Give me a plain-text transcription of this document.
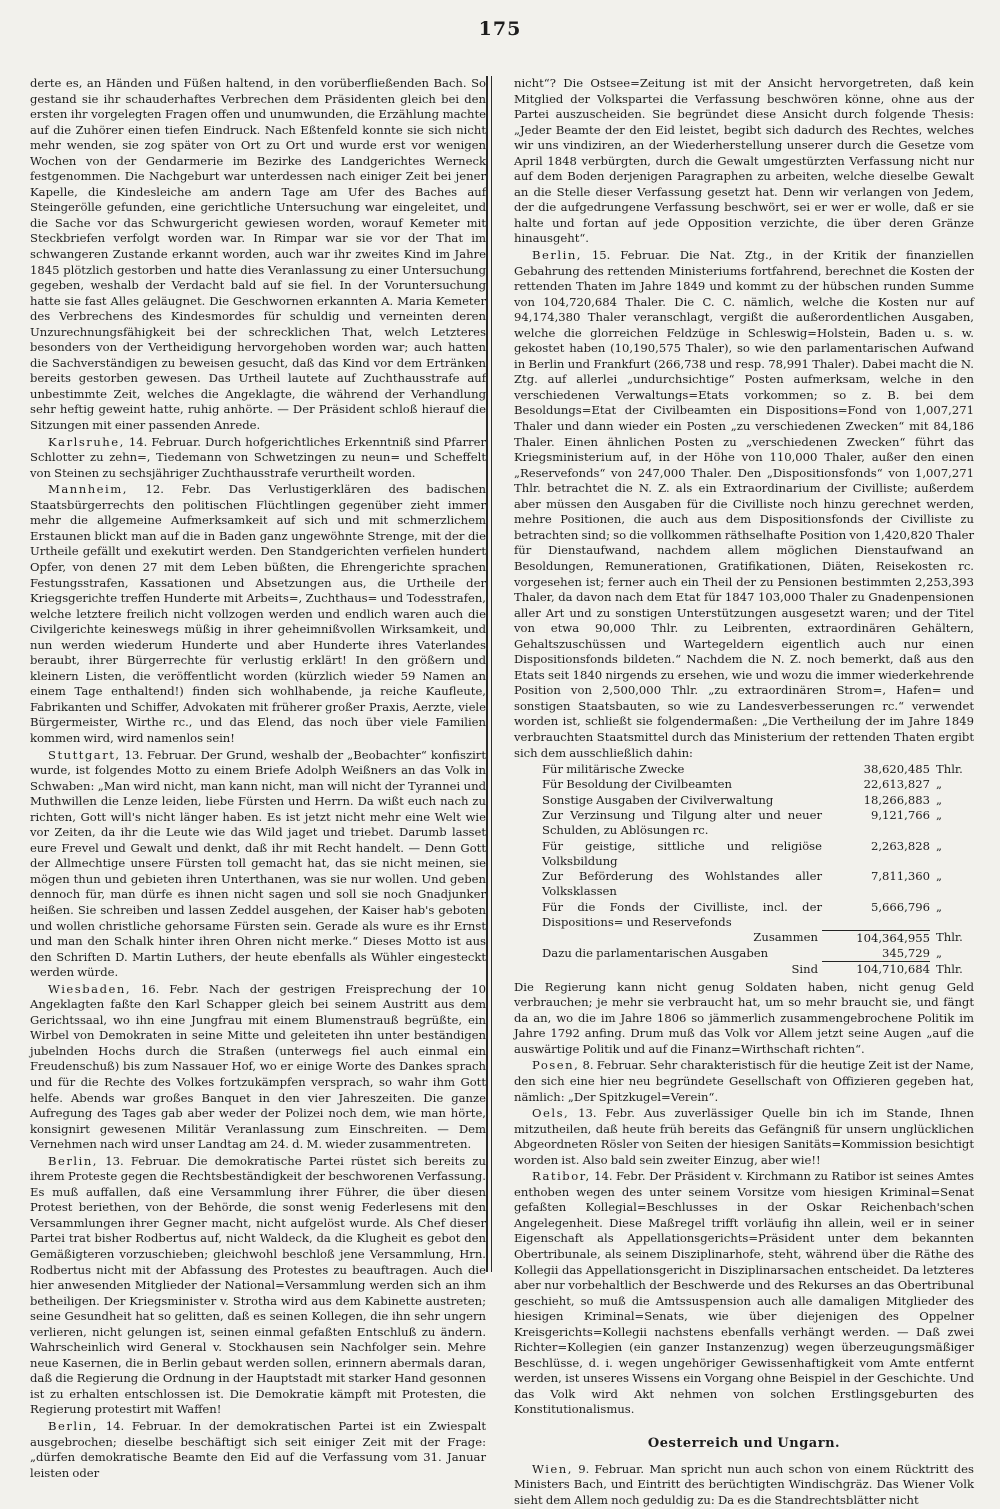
175

derte es, an Händen und Füßen haltend, in den vorüberfließenden Bach. So gestand sie ihr schauderhaftes Verbrechen dem Präsidenten gleich bei den ersten ihr vorgelegten Fragen offen und unumwunden, die Erzählung machte auf die Zuhörer einen tiefen Eindruck. Nach Eßtenfeld konnte sie sich nicht mehr wenden, sie zog später von Ort zu Ort und wurde erst vor wenigen Wochen von der Gendarmerie im Bezirke des Landgerichtes Werneck festgenommen. Die Nachgeburt war unterdessen nach einiger Zeit bei jener Kapelle, die Kindesleiche am andern Tage am Ufer des Baches auf Steingerölle gefunden, eine gerichtliche Untersuchung war eingeleitet, und die Sache vor das Schwurgericht gewiesen worden, worauf Kemeter mit Steckbriefen verfolgt worden war. In Rimpar war sie vor der That im schwangeren Zustande erkannt worden, auch war ihr zweites Kind im Jahre 1845 plötzlich gestorben und hatte dies Veranlassung zu einer Untersuchung gegeben, weshalb der Verdacht bald auf sie fiel. In der Voruntersuchung hatte sie fast Alles geläugnet. Die Geschwornen erkannten A. Maria Kemeter des Verbrechens des Kindesmordes für schuldig und verneinten deren Unzurechnungsfähigkeit bei der schrecklichen That, welch Letzteres besonders von der Vertheidigung hervorgehoben worden war; auch hatten die Sachverständigen zu beweisen gesucht, daß das Kind vor dem Ertränken bereits gestorben gewesen. Das Urtheil lautete auf Zuchthausstrafe auf unbestimmte Zeit, welches die Angeklagte, die während der Verhandlung sehr heftig geweint hatte, ruhig anhörte. — Der Präsident schloß hierauf die Sitzungen mit einer passenden Anrede.

Karlsruhe, 14. Februar. Durch hofgerichtliches Erkenntniß sind Pfarrer Schlotter zu zehn=, Tiedemann von Schwetzingen zu neun= und Scheffelt von Steinen zu sechsjähriger Zuchthausstrafe verurtheilt worden.

Mannheim, 12. Febr. Das Verlustigerklären des badischen Staatsbürgerrechts den politischen Flüchtlingen gegenüber zieht immer mehr die allgemeine Aufmerksamkeit auf sich und mit schmerzlichem Erstaunen blickt man auf die in Baden ganz ungewöhnte Strenge, mit der die Urtheile gefällt und exekutirt werden. Den Standgerichten verfielen hundert Opfer, von denen 27 mit dem Leben büßten, die Ehrengerichte sprachen Festungsstrafen, Kassationen und Absetzungen aus, die Urtheile der Kriegsgerichte treffen Hunderte mit Arbeits=, Zuchthaus= und Todesstrafen, welche letztere freilich nicht vollzogen werden und endlich waren auch die Civilgerichte keineswegs müßig in ihrer geheimnißvollen Wirksamkeit, und nun werden wiederum Hunderte und aber Hunderte ihres Vaterlandes beraubt, ihrer Bürgerrechte für verlustig erklärt! In den größern und kleinern Listen, die veröffentlicht worden (kürzlich wieder 59 Namen an einem Tage enthaltend!) finden sich wohlhabende, ja reiche Kaufleute, Fabrikanten und Schiffer, Advokaten mit früherer großer Praxis, Aerzte, viele Bürgermeister, Wirthe rc., und das Elend, das noch über viele Familien kommen wird, wird namenlos sein!

Stuttgart, 13. Februar. Der Grund, weshalb der „Beobachter“ konfiszirt wurde, ist folgendes Motto zu einem Briefe Adolph Weißners an das Volk in Schwaben: „Man wird nicht, man kann nicht, man will nicht der Tyrannei und Muthwillen die Lenze leiden, liebe Fürsten und Herrn. Da wißt euch nach zu richten, Gott will's nicht länger haben. Es ist jetzt nicht mehr eine Welt wie vor Zeiten, da ihr die Leute wie das Wild jaget und triebet. Darumb lasset eure Frevel und Gewalt und denkt, daß ihr mit Recht handelt. — Denn Gott der Allmechtige unsere Fürsten toll gemacht hat, das sie nicht meinen, sie mögen thun und gebieten ihren Unterthanen, was sie nur wollen. Und geben dennoch für, man dürfe es ihnen nicht sagen und soll sie noch Gnadjunker heißen. Sie schreiben und lassen Zeddel ausgehen, der Kaiser hab's geboten und wollen christliche gehorsame Fürsten sein. Gerade als wure es ihr Ernst und man den Schalk hinter ihren Ohren nicht merke.“ Dieses Motto ist aus den Schriften D. Martin Luthers, der heute ebenfalls als Wühler eingesteckt werden würde.

Wiesbaden, 16. Febr. Nach der gestrigen Freisprechung der 10 Angeklagten faßte den Karl Schapper gleich bei seinem Austritt aus dem Gerichtssaal, wo ihn eine Jungfrau mit einem Blumenstrauß begrüßte, ein Wirbel von Demokraten in seine Mitte und geleiteten ihn unter beständigen jubelnden Hochs durch die Straßen (unterwegs fiel auch einmal ein Freudenschuß) bis zum Nassauer Hof, wo er einige Worte des Dankes sprach und für die Rechte des Volkes fortzukämpfen versprach, so wahr ihm Gott helfe. Abends war großes Banquet in den vier Jahreszeiten. Die ganze Aufregung des Tages gab aber weder der Polizei noch dem, wie man hörte, konsignirt gewesenen Militär Veranlassung zum Einschreiten. — Dem Vernehmen nach wird unser Landtag am 24. d. M. wieder zusammentreten.

Berlin, 13. Februar. Die demokratische Partei rüstet sich bereits zu ihrem Proteste gegen die Rechtsbeständigkeit der beschworenen Verfassung. Es muß auffallen, daß eine Versammlung ihrer Führer, die über diesen Protest beriethen, von der Behörde, die sonst wenig Federlesens mit den Versammlungen ihrer Gegner macht, nicht aufgelöst wurde. Als Chef dieser Partei trat bisher Rodbertus auf, nicht Waldeck, da die Klugheit es gebot den Gemäßigteren vorzuschieben; gleichwohl beschloß jene Versammlung, Hrn. Rodbertus nicht mit der Abfassung des Protestes zu beauftragen. Auch die hier anwesenden Mitglieder der National=Versammlung werden sich an ihm betheiligen. Der Kriegsminister v. Strotha wird aus dem Kabinette austreten; seine Gesundheit hat so gelitten, daß es seinen Kollegen, die ihn sehr ungern verlieren, nicht gelungen ist, seinen einmal gefaßten Entschluß zu ändern. Wahrscheinlich wird General v. Stockhausen sein Nachfolger sein. Mehre neue Kasernen, die in Berlin gebaut werden sollen, erinnern abermals daran, daß die Regierung die Ordnung in der Hauptstadt mit starker Hand gesonnen ist zu erhalten entschlossen ist. Die Demokratie kämpft mit Protesten, die Regierung protestirt mit Waffen!

Berlin, 14. Februar. In der demokratischen Partei ist ein Zwiespalt ausgebrochen; dieselbe beschäftigt sich seit einiger Zeit mit der Frage: „dürfen demokratische Beamte den Eid auf die Verfassung vom 31. Januar leisten oder

nicht“? Die Ostsee=Zeitung ist mit der Ansicht hervorgetreten, daß kein Mitglied der Volkspartei die Verfassung beschwören könne, ohne aus der Partei auszuscheiden. Sie begründet diese Ansicht durch folgende Thesis: „Jeder Beamte der den Eid leistet, begibt sich dadurch des Rechtes, welches wir uns vindiziren, an der Wiederherstellung unserer durch die Gesetze vom April 1848 verbürgten, durch die Gewalt umgestürzten Verfassung nicht nur auf dem Boden derjenigen Paragraphen zu arbeiten, welche dieselbe Gewalt an die Stelle dieser Verfassung gesetzt hat. Denn wir verlangen von Jedem, der die aufgedrungene Verfassung beschwört, sei er wer er wolle, daß er sie halte und fortan auf jede Opposition verzichte, die über deren Gränze hinausgeht“.

Berlin, 15. Februar. Die Nat. Ztg., in der Kritik der finanziellen Gebahrung des rettenden Ministeriums fortfahrend, berechnet die Kosten der rettenden Thaten im Jahre 1849 und kommt zu der hübschen runden Summe von 104,720,684 Thaler. Die C. C. nämlich, welche die Kosten nur auf 94,174,380 Thaler veranschlagt, vergißt die außerordentlichen Ausgaben, welche die glorreichen Feldzüge in Schleswig=Holstein, Baden u. s. w. gekostet haben (10,190,575 Thaler), so wie den parlamentarischen Aufwand in Berlin und Frankfurt (266,738 und resp. 78,991 Thaler). Dabei macht die N. Ztg. auf allerlei „undurchsichtige“ Posten aufmerksam, welche in den verschiedenen Verwaltungs=Etats vorkommen; so z. B. bei dem Besoldungs=Etat der Civilbeamten ein Dispositions=Fond von 1,007,271 Thaler und dann wieder ein Posten „zu verschiedenen Zwecken“ mit 84,186 Thaler. Einen ähnlichen Posten zu „verschiedenen Zwecken“ führt das Kriegsministerium auf, in der Höhe von 110,000 Thaler, außer den einen „Reservefonds“ von 247,000 Thaler. Den „Dispositionsfonds“ von 1,007,271 Thlr. betrachtet die N. Z. als ein Extraordinarium der Civilliste; außerdem aber müssen den Ausgaben für die Civilliste noch hinzu gerechnet werden, mehre Positionen, die auch aus dem Dispositionsfonds der Civilliste zu betrachten sind; so die vollkommen räthselhafte Position von 1,420,820 Thaler für Dienstaufwand, nachdem allem möglichen Dienstaufwand an Besoldungen, Remunerationen, Gratifikationen, Diäten, Reisekosten rc. vorgesehen ist; ferner auch ein Theil der zu Pensionen bestimmten 2,253,393 Thaler, da davon nach dem Etat für 1847 103,000 Thaler zu Gnadenpensionen aller Art und zu sonstigen Unterstützungen ausgesetzt waren; und der Titel von etwa 90,000 Thlr. zu Leibrenten, extraordinären Gehältern, Gehaltszuschüssen und Wartegeldern eigentlich auch nur einen Dispositionsfonds bildeten.“ Nachdem die N. Z. noch bemerkt, daß aus den Etats seit 1840 nirgends zu ersehen, wie und wozu die immer wiederkehrende Position von 2,500,000 Thlr. „zu extraordinären Strom=, Hafen= und sonstigen Staatsbauten, so wie zu Landesverbesserungen rc.“ verwendet worden ist, schließt sie folgendermaßen: „Die Vertheilung der im Jahre 1849 verbrauchten Staatsmittel durch das Ministerium der rettenden Thaten ergibt sich dem ausschließlich dahin:

Für militärische Zwecke	38,620,485	Thlr.
Für Besoldung der Civilbeamten	22,613,827	„
Sonstige Ausgaben der Civilverwaltung	18,266,883	„
Zur Verzinsung und Tilgung alter und neuer Schulden, zu Ablösungen rc.	9,121,766	„
Für geistige, sittliche und religiöse Volksbildung	2,263,828	„
Zur Beförderung des Wohlstandes aller Volksklassen	7,811,360	„
Für die Fonds der Civilliste, incl. der Dispositions= und Reservefonds	5,666,796	„
Zusammen	104,364,955	Thlr.
Dazu die parlamentarischen Ausgaben	345,729	„
Sind	104,710,684	Thlr.

Die Regierung kann nicht genug Soldaten haben, nicht genug Geld verbrauchen; je mehr sie verbraucht hat, um so mehr braucht sie, und fängt da an, wo die im Jahre 1806 so jämmerlich zusammengebrochene Politik im Jahre 1792 anfing. Drum muß das Volk vor Allem jetzt seine Augen „auf die auswärtige Politik und auf die Finanz=Wirthschaft richten“.

Posen, 8. Februar. Sehr charakteristisch für die heutige Zeit ist der Name, den sich eine hier neu begründete Gesellschaft von Offizieren gegeben hat, nämlich: „Der Spitzkugel=Verein“.

Oels, 13. Febr. Aus zuverlässiger Quelle bin ich im Stande, Ihnen mitzutheilen, daß heute früh bereits das Gefängniß für unsern unglücklichen Abgeordneten Rösler von Seiten der hiesigen Sanitäts=Kommission besichtigt worden ist. Also bald sein zweiter Einzug, aber wie!!

Ratibor, 14. Febr. Der Präsident v. Kirchmann zu Ratibor ist seines Amtes enthoben wegen des unter seinem Vorsitze vom hiesigen Kriminal=Senat gefaßten Kollegial=Beschlusses in der Oskar Reichenbach'schen Angelegenheit. Diese Maßregel trifft vorläufig ihn allein, weil er in seiner Eigenschaft als Appellationsgerichts=Präsident unter dem bekannten Obertribunale, als seinem Disziplinarhofe, steht, während über die Räthe des Kollegii das Appellationsgericht in Disziplinarsachen entscheidet. Da letzteres aber nur vorbehaltlich der Beschwerde und des Rekurses an das Obertribunal geschieht, so muß die Amtssuspension auch alle damaligen Mitglieder des hiesigen Kriminal=Senats, wie über diejenigen des Oppelner Kreisgerichts=Kollegii nachstens ebenfalls verhängt werden. — Daß zwei Richter=Kollegien (ein ganzer Instanzenzug) wegen überzeugungsmäßiger Beschlüsse, d. i. wegen ungehöriger Gewissenhaftigkeit vom Amte entfernt werden, ist unseres Wissens ein Vorgang ohne Beispiel in der Geschichte. Und das Volk wird Akt nehmen von solchen Erstlingsgeburten des Konstitutionalismus.

Oesterreich und Ungarn.

Wien, 9. Februar. Man spricht nun auch schon von einem Rücktritt des Ministers Bach, und Eintritt des berüchtigten Windischgräz. Das Wiener Volk sieht dem Allem noch geduldig zu: Da es die Standrechtsblätter nicht
